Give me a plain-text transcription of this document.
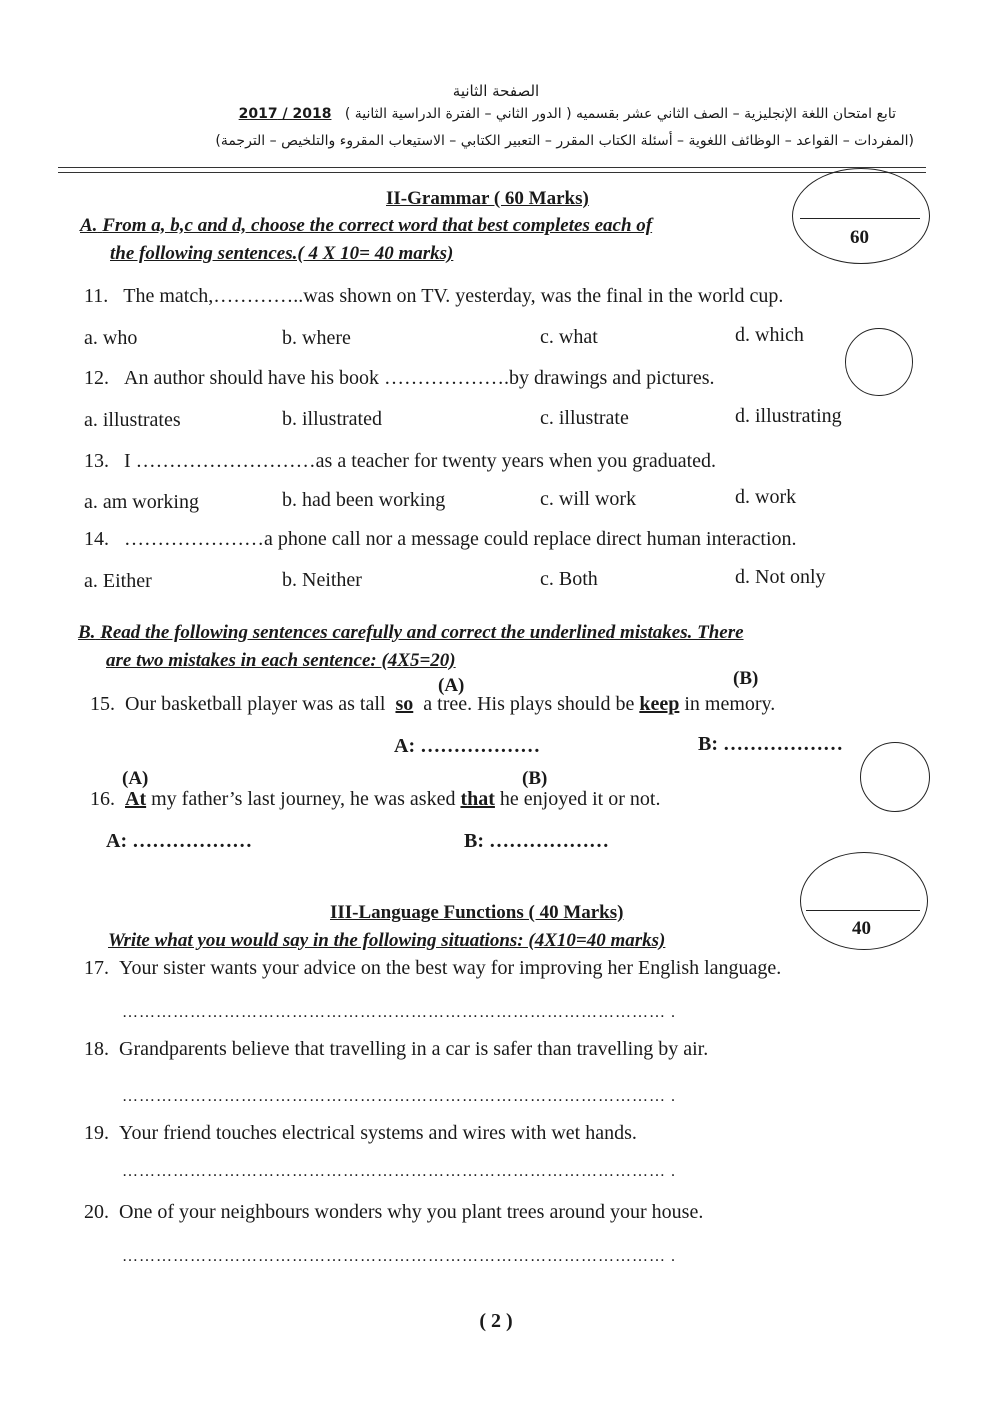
الصفحة الثانية
تابع امتحان اللغة الإنجليزية – الصف الثاني عشر بقسميه ( الدور الثاني – الفترة الدراسية الثانية )   2018 / 2017
(المفردات – القواعد – الوظائف اللغوية – أسئلة الكتاب المقرر – التعبير الكتابي – الاستيعاب المقروء والتلخيص – الترجمة)
II-Grammar ( 60 Marks)
60
A. From a, b,c and d, choose the correct word that best completes each of
the following sentences.( 4 X 10= 40 marks)
11. The match,…………..was shown on TV. yesterday, was the final in the world cup.
a. who	b. where	c. what	d. which
12. An author should have his book ……………….by drawings and pictures.
a. illustrates	b. illustrated	c. illustrate	d. illustrating
13. I ………………………as a teacher for twenty years when you graduated.
a. am working	b. had been working	c. will work	d. work
14. …………………a phone call nor a message could replace direct human interaction.
a. Either	b. Neither	c. Both	d. Not only
B. Read the following sentences carefully and correct the underlined mistakes. There
are two mistakes in each sentence: (4X5=20)
(A)	(B)
15. Our basketball player was as tall so a tree. His plays should be keep in memory.
A: ………………	B: ………………
(A)	(B)
16. At my father’s last journey, he was asked that he enjoyed it or not.
A: ………………	B: ………………
40
III-Language Functions ( 40 Marks)
Write what you would say in the following situations: (4X10=40 marks)
17. Your sister wants your advice on the best way for improving her English language.
…………………………………………………………………………………… .
18. Grandparents believe that travelling in a car is safer than travelling by air.
…………………………………………………………………………………… .
19. Your friend touches electrical systems and wires with wet hands.
…………………………………………………………………………………… .
20. One of your neighbours wonders why you plant trees around your house.
…………………………………………………………………………………… .
( 2 )
